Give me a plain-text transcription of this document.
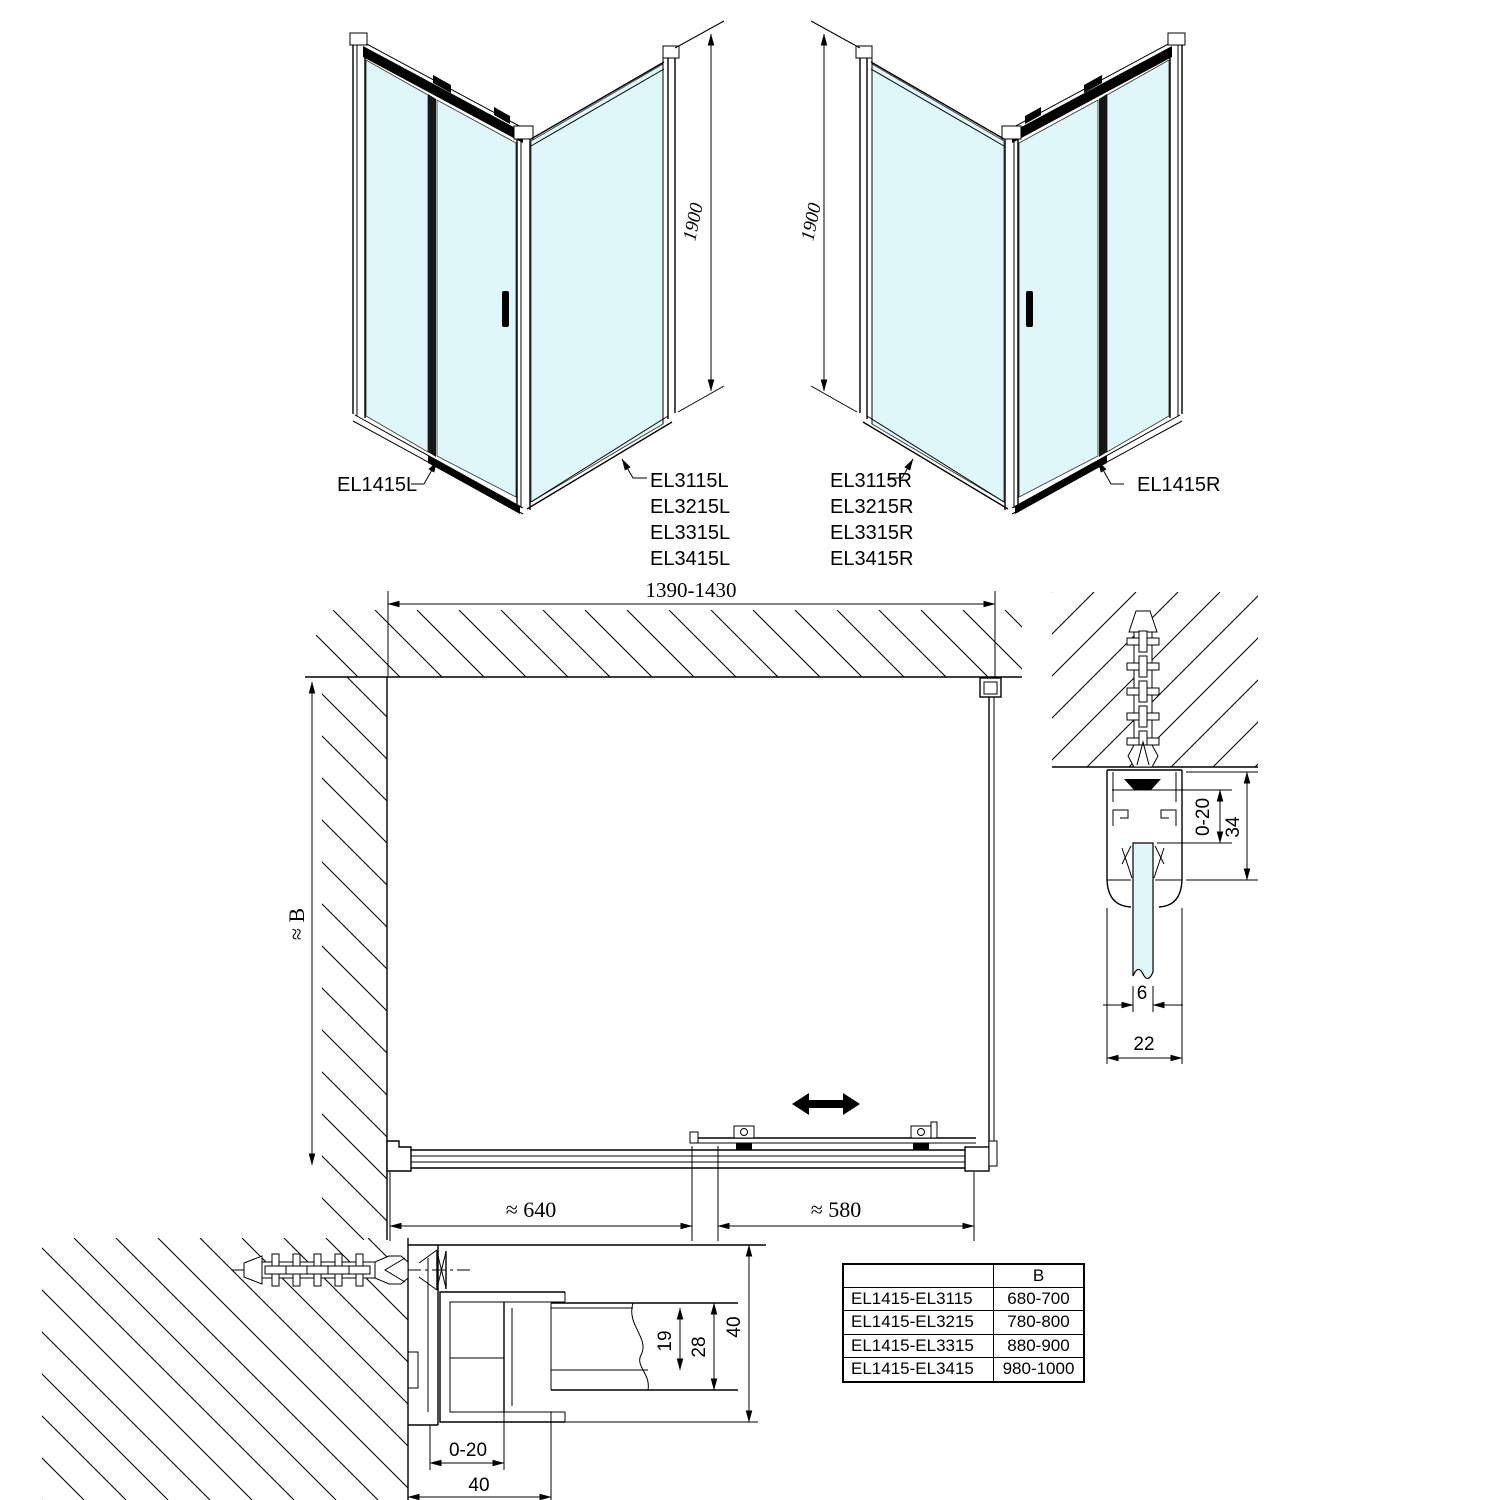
EL1415L	EL3115L
EL3215L
EL3315L
EL3415L
1900
EL1415R
EL3115R
EL3215R
EL3315R
EL3415R
1900
1390-1430
≈ B
≈ 640	≈ 580
0-20 34
6
22
19 28
40
0-20
40
B
EL1415-EL3115	680-700
EL1415-EL3215	780-800
EL1415-EL3315	880-900
EL1415-EL3415	980-1000
